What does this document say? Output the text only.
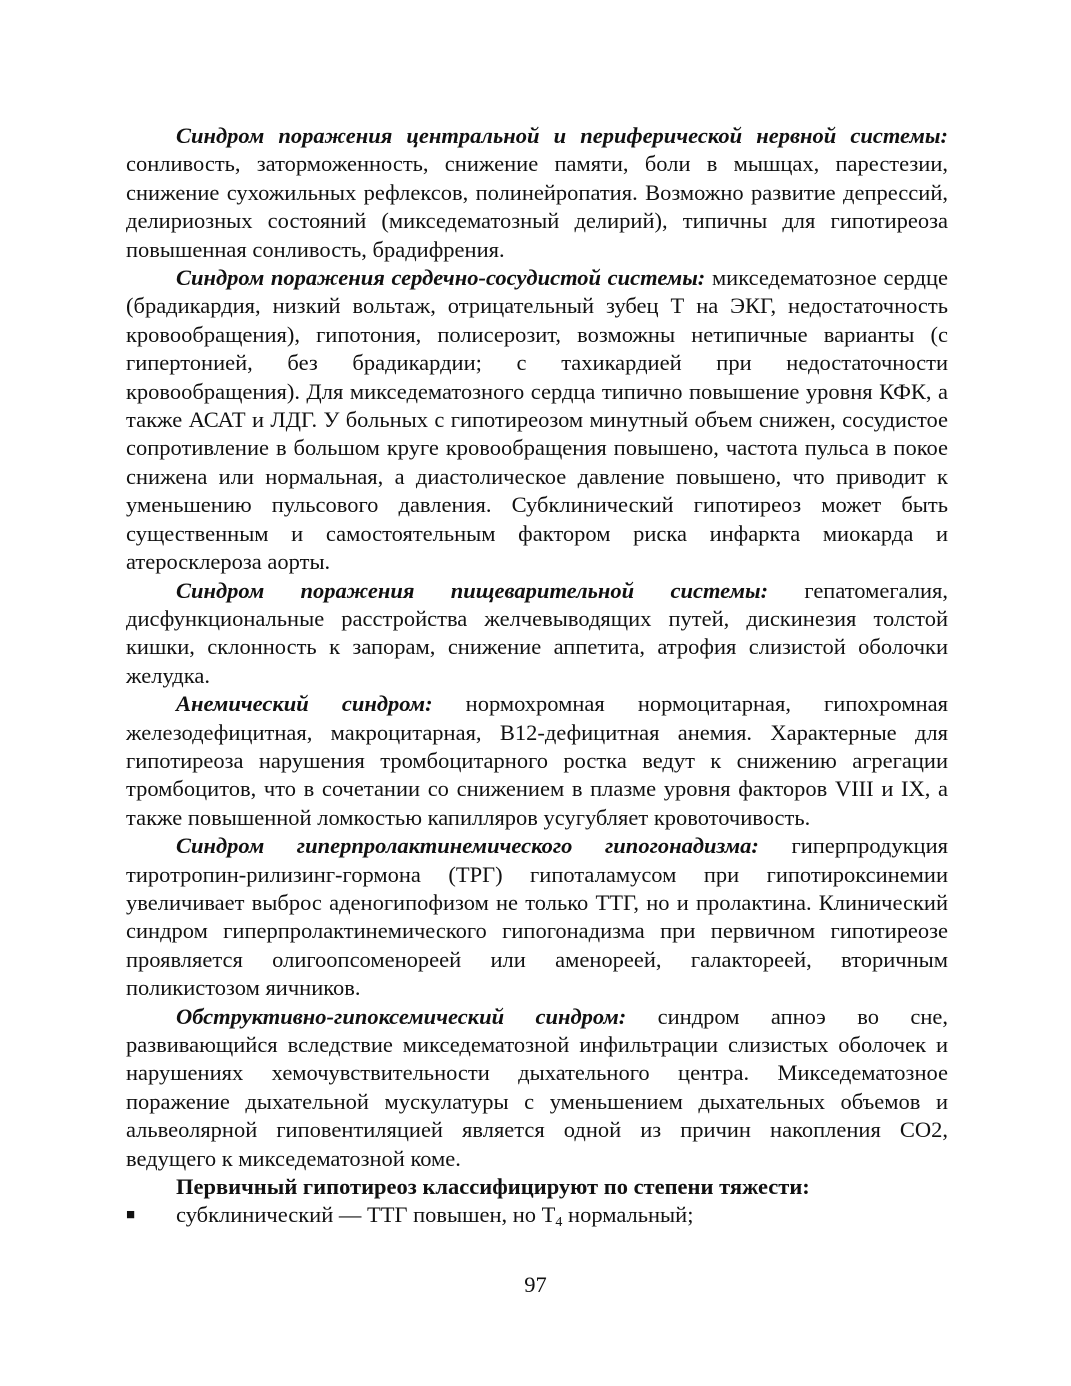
Синдром поражения центральной и периферической нервной системы: сонливость, заторможенность, снижение памяти, боли в мышцах, парестезии, снижение сухожильных рефлексов, полинейропатия. Возможно развитие депрессий, делириозных состояний (микседематозный делирий), типичны для гипотиреоза повышенная сонливость, брадифрения.

Синдром поражения сердечно-сосудистой системы: микседематозное сердце (брадикардия, низкий вольтаж, отрицательный зубец Т на ЭКГ, недостаточность кровообращения), гипотония, полисерозит, возможны нетипичные варианты (с гипертонией, без брадикардии; с тахикардией при недостаточности кровообращения). Для микседематозного сердца типично повышение уровня КФК, а также АСАТ и ЛДГ. У больных с гипотиреозом минутный объем снижен, сосудистое сопротивление в большом круге кровообращения повышено, частота пульса в покое снижена или нормальная, а диастолическое давление повышено, что приводит к уменьшению пульсового давления. Субклинический гипотиреоз может быть существенным и самостоятельным фактором риска инфаркта миокарда и атеросклероза аорты.

Синдром поражения пищеварительной системы: гепатомегалия, дисфункциональные расстройства желчевыводящих путей, дискинезия толстой кишки, склонность к запорам, снижение аппетита, атрофия слизистой оболочки желудка.

Анемический синдром: нормохромная нормоцитарная, гипохромная железодефицитная, макроцитарная, В12-дефицитная анемия. Характерные для гипотиреоза нарушения тромбоцитарного ростка ведут к снижению агрегации тромбоцитов, что в сочетании со снижением в плазме уровня факторов VIII и IX, а также повышенной ломкостью капилляров усугубляет кровоточивость.

Синдром гиперпролактинемического гипогонадизма: гиперпродукция тиротропин-рилизинг-гормона (ТРГ) гипоталамусом при гипотироксинемии увеличивает выброс аденогипофизом не только ТТГ, но и пролактина. Клинический синдром гиперпролактинемического гипогонадизма при первичном гипотиреозе проявляется олигоопсоменореей или аменореей, галактореей, вторичным поликистозом яичников.

Обструктивно-гипоксемический синдром: синдром апноэ во сне, развивающийся вследствие микседематозной инфильтрации слизистых оболочек и нарушениях хемочувствительности дыхательного центра. Микседематозное поражение дыхательной мускулатуры с уменьшением дыхательных объемов и альвеолярной гиповентиляцией является одной из причин накопления СО2, ведущего к микседематозной коме.

Первичный гипотиреоз классифицируют по степени тяжести:

■ субклинический — ТТГ повышен, но $Т_4$ нормальный;

97
